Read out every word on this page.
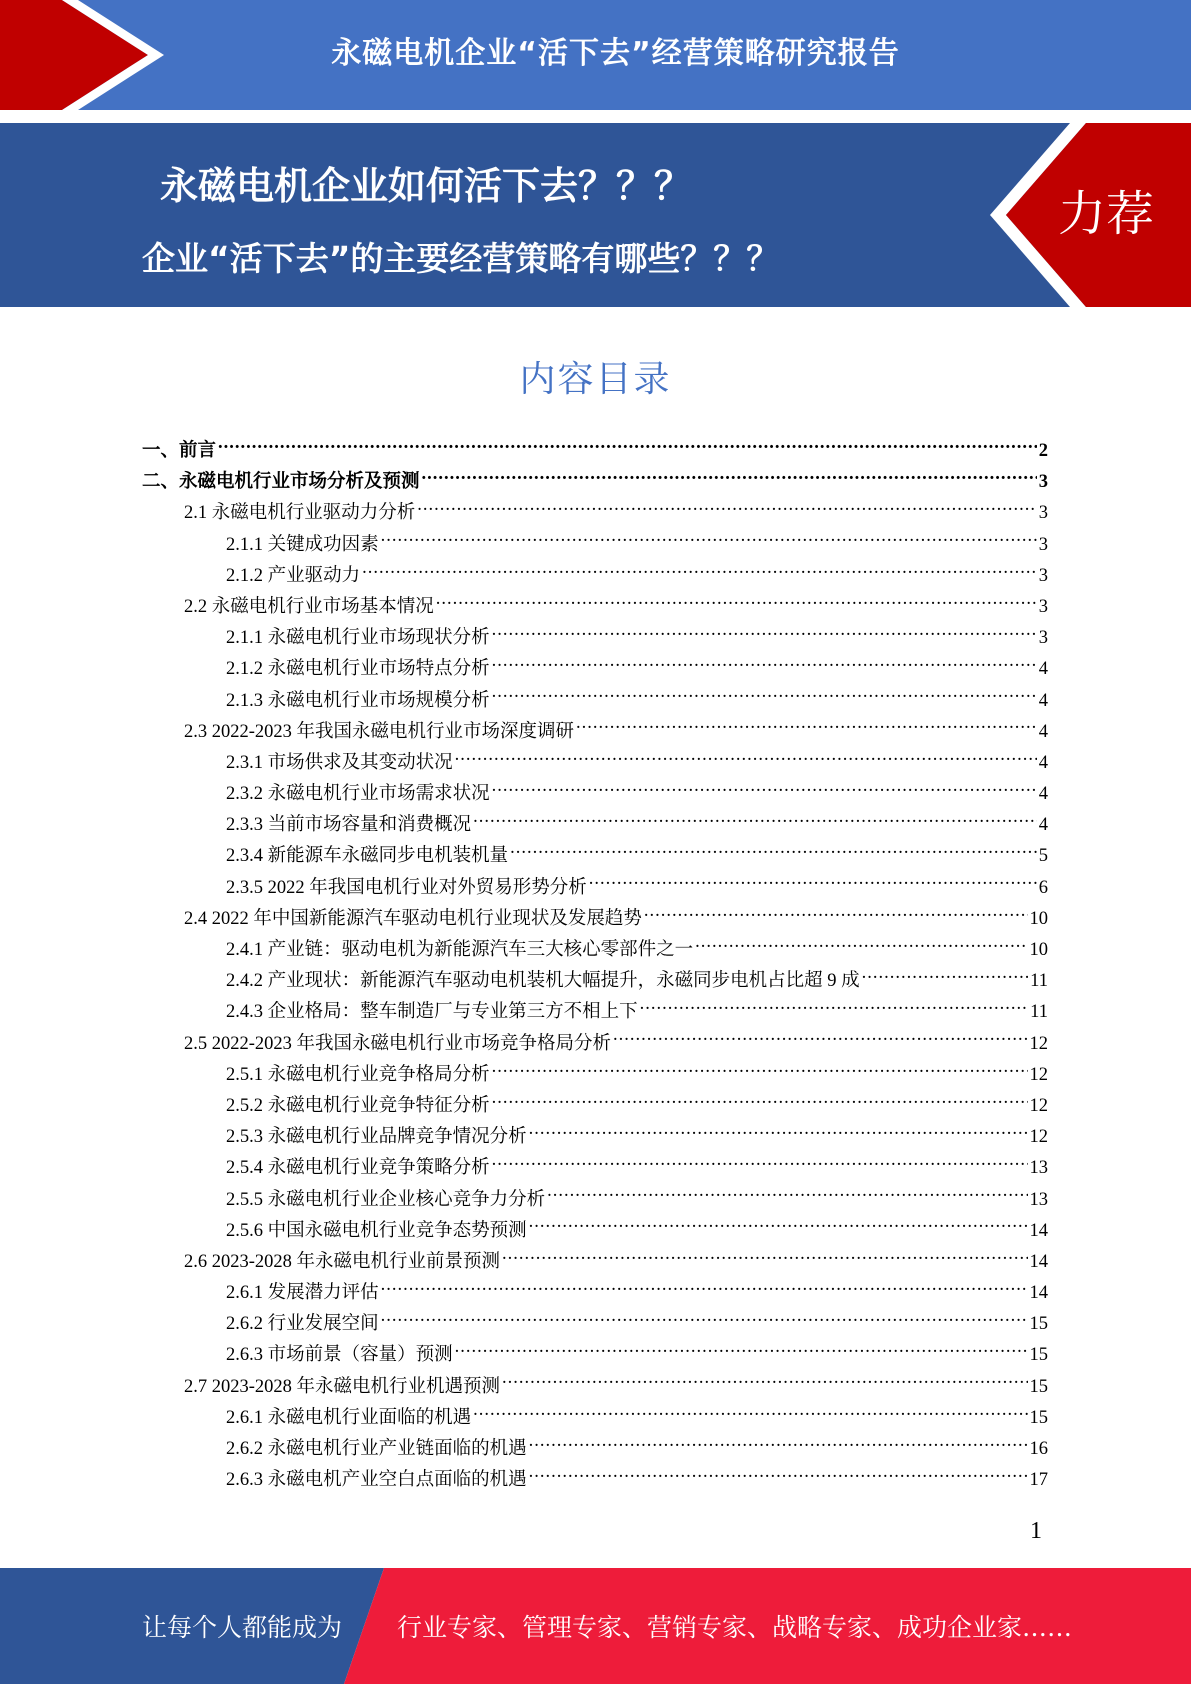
永磁电机企业“活下去”经营策略研究报告
永磁电机企业如何活下去？？？
企业“活下去”的主要经营策略有哪些？？？
力荐
内容目录
一、前言 .....	2
二、永磁电机行业市场分析及预测 .....	3
2.1 永磁电机行业驱动力分析 .....	3
2.1.1 关键成功因素 .....	3
2.1.2 产业驱动力 .....	3
2.2 永磁电机行业市场基本情况 .....	3
2.1.1 永磁电机行业市场现状分析 .....	3
2.1.2 永磁电机行业市场特点分析 .....	4
2.1.3 永磁电机行业市场规模分析 .....	4
2.3 2022-2023 年我国永磁电机行业市场深度调研 .....	4
2.3.1 市场供求及其变动状况 .....	4
2.3.2 永磁电机行业市场需求状况 .....	4
2.3.3 当前市场容量和消费概况 .....	4
2.3.4 新能源车永磁同步电机装机量 .....	5
2.3.5 2022 年我国电机行业对外贸易形势分析 .....	6
2.4 2022 年中国新能源汽车驱动电机行业现状及发展趋势 .....	10
2.4.1 产业链：驱动电机为新能源汽车三大核心零部件之一 .....	10
2.4.2 产业现状：新能源汽车驱动电机装机大幅提升，永磁同步电机占比超 9 成 .....	11
2.4.3 企业格局：整车制造厂与专业第三方不相上下 .....	11
2.5 2022-2023 年我国永磁电机行业市场竞争格局分析 .....	12
2.5.1 永磁电机行业竞争格局分析 .....	12
2.5.2 永磁电机行业竞争特征分析 .....	12
2.5.3 永磁电机行业品牌竞争情况分析 .....	12
2.5.4 永磁电机行业竞争策略分析 .....	13
2.5.5 永磁电机行业企业核心竞争力分析 .....	13
2.5.6 中国永磁电机行业竞争态势预测 .....	14
2.6 2023-2028 年永磁电机行业前景预测 .....	14
2.6.1 发展潜力评估 .....	14
2.6.2 行业发展空间 .....	15
2.6.3 市场前景（容量）预测 .....	15
2.7 2023-2028 年永磁电机行业机遇预测 .....	15
2.6.1 永磁电机行业面临的机遇 .....	15
2.6.2 永磁电机行业产业链面临的机遇 .....	16
2.6.3 永磁电机产业空白点面临的机遇 .....	17
1
让每个人都能成为 行业专家、管理专家、营销专家、战略专家、成功企业家……
